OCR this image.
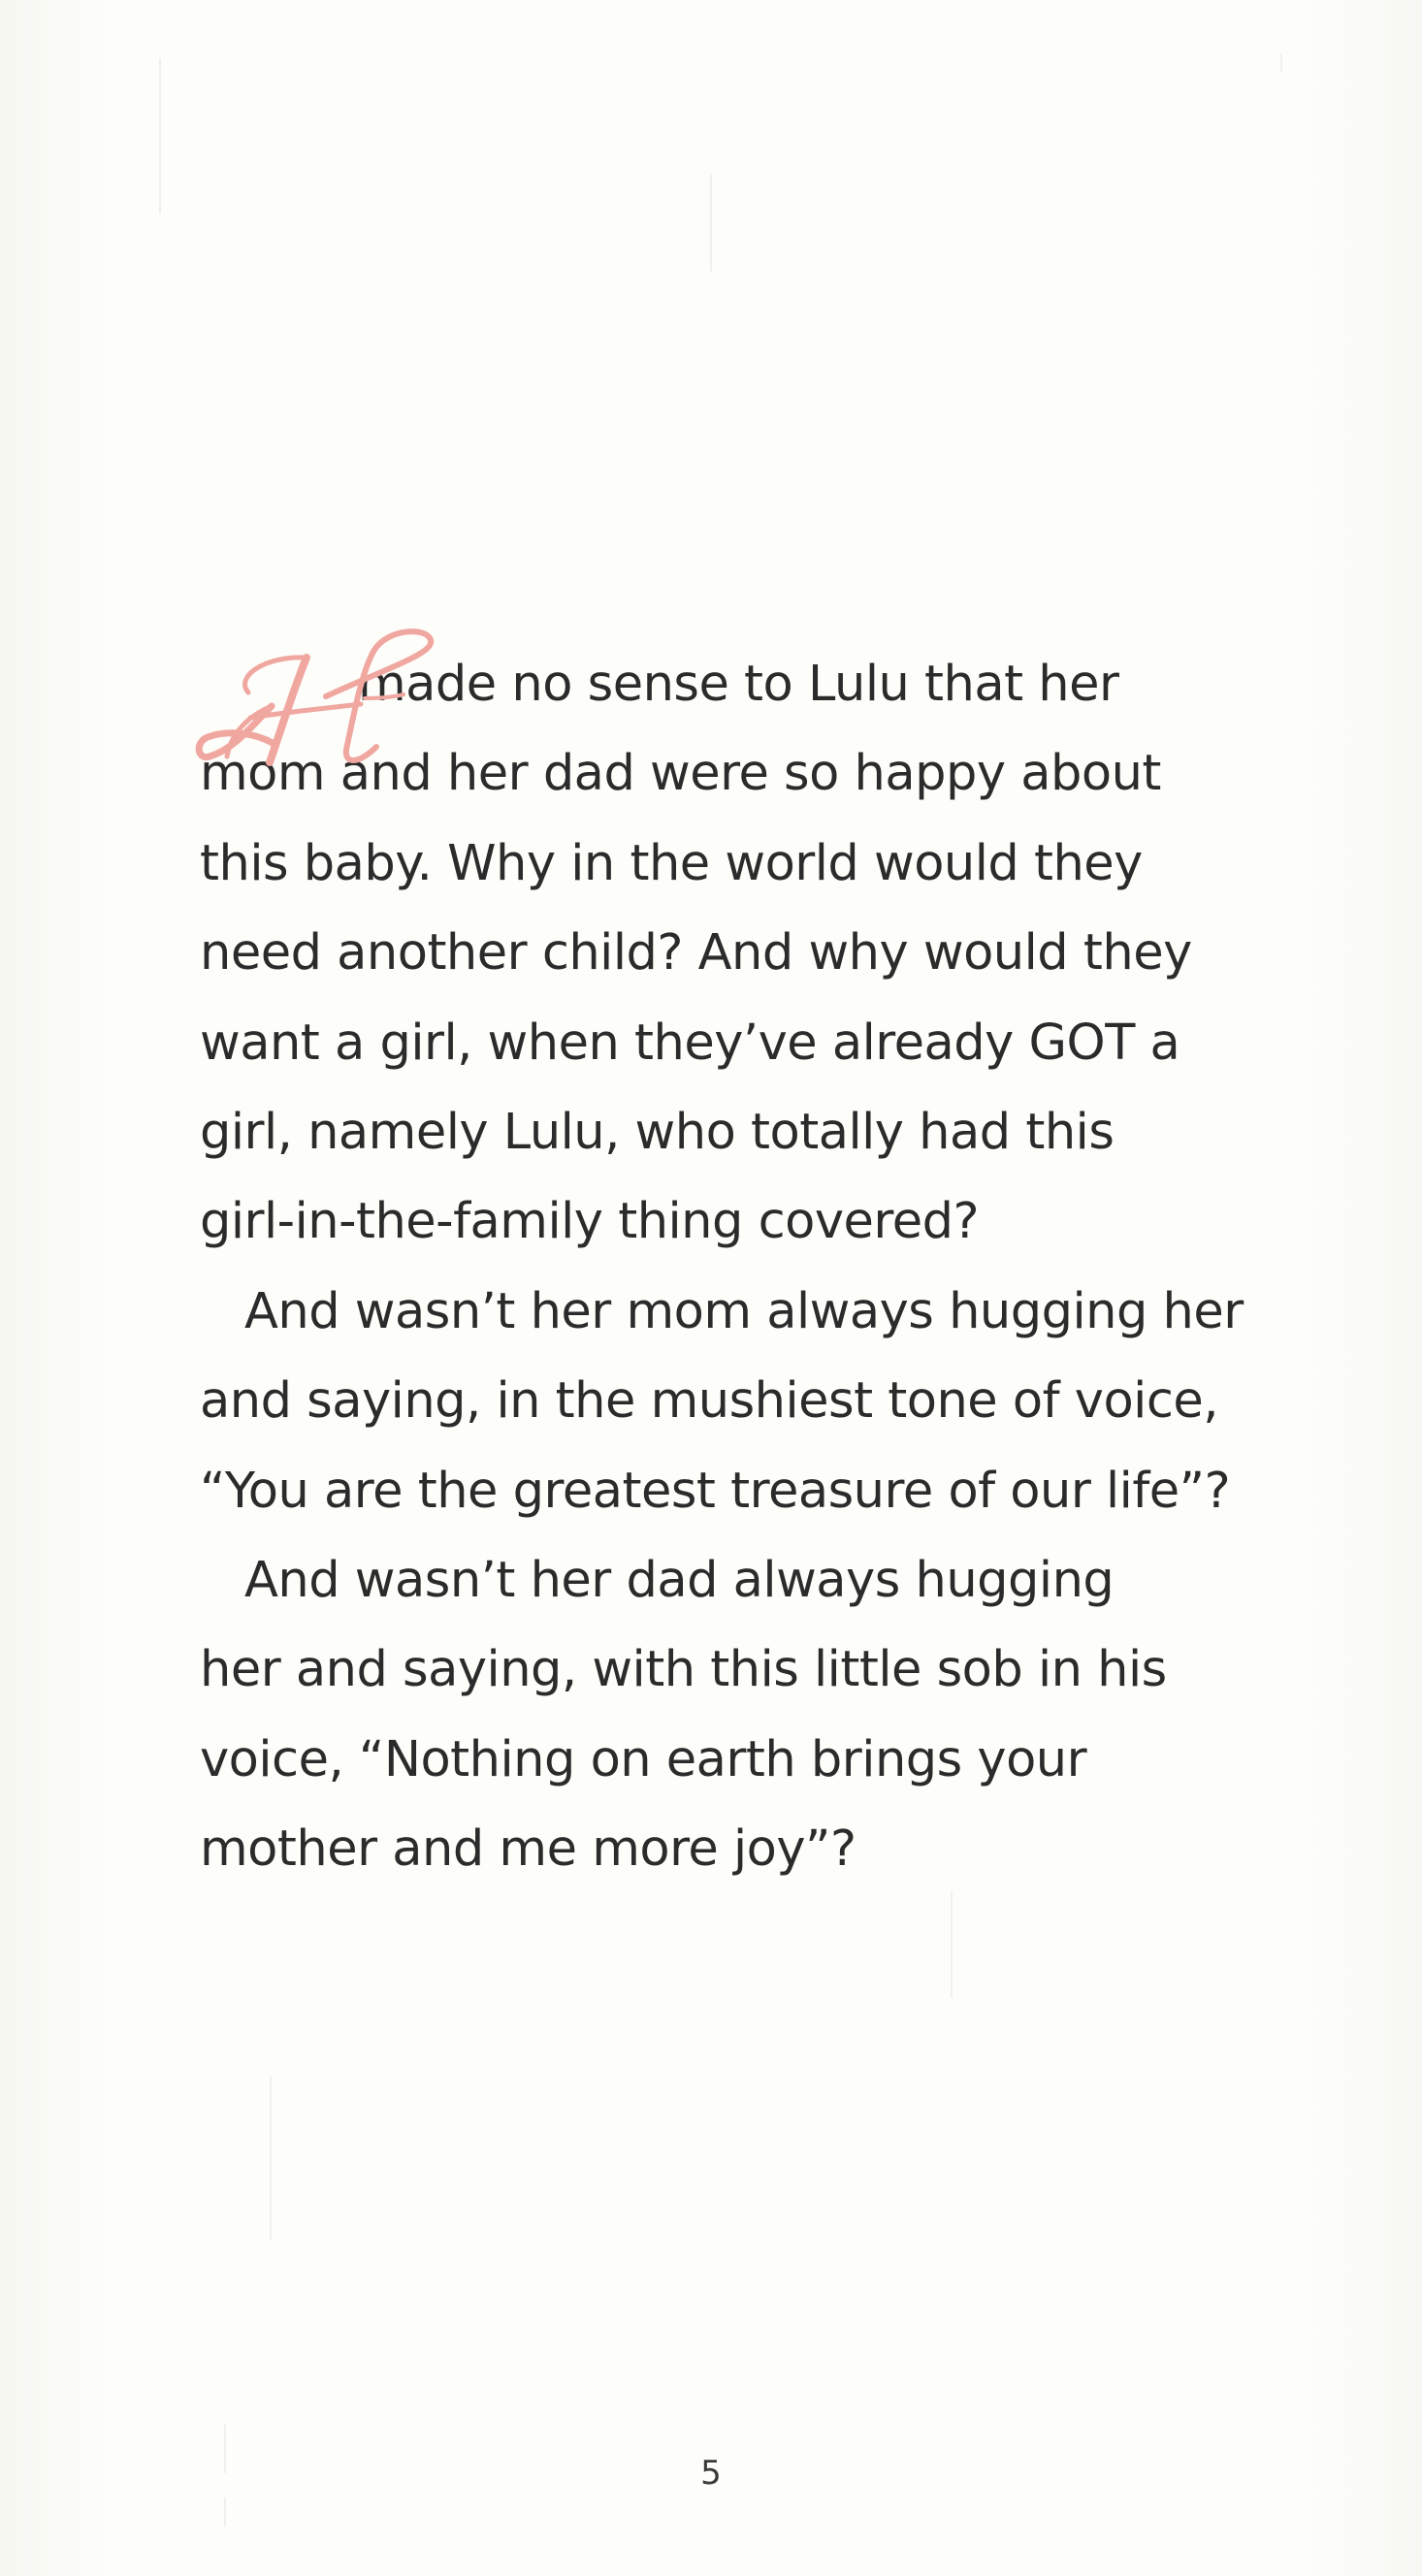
made no sense to Lulu that her
mom and her dad were so happy about
this baby. Why in the world would they
need another child? And why would they
want a girl, when they’ve already GOT a
girl, namely Lulu, who totally had this
girl-in-the-family thing covered?
And wasn’t her mom always hugging her
and saying, in the mushiest tone of voice,
“You are the greatest treasure of our life”?
And wasn’t her dad always hugging
her and saying, with this little sob in his
voice, “Nothing on earth brings your
mother and me more joy”?
5
